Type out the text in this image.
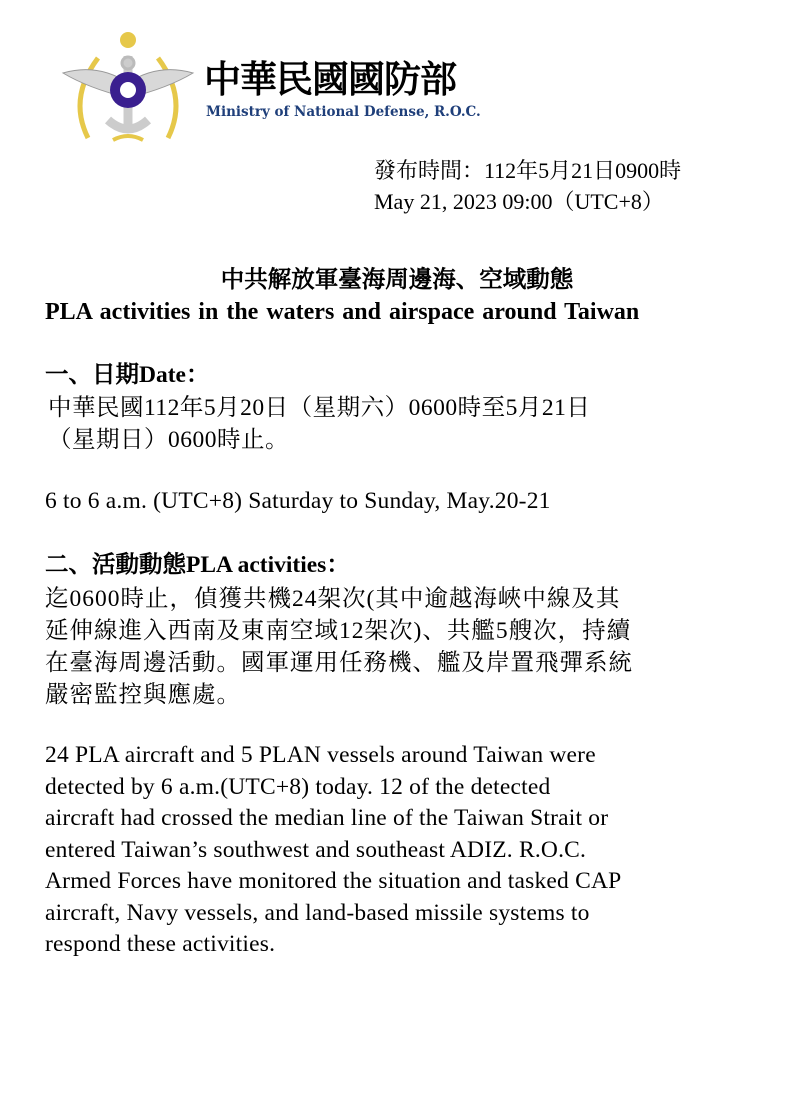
中華民國國防部
Ministry of National Defense, R.O.C.
發布時間：112年5月21日0900時
May 21, 2023 09:00（UTC+8）
中共解放軍臺海周邊海、空域動態
PLA activities in the waters and airspace around Taiwan
一、日期Date：
中華民國112年5月20日（星期六）0600時至5月21日
（星期日）0600時止。
6 to 6 a.m. (UTC+8) Saturday to Sunday, May.20-21
二、活動動態PLA activities：
迄0600時止，偵獲共機24架次(其中逾越海峽中線及其
延伸線進入西南及東南空域12架次)、共艦5艘次，持續
在臺海周邊活動。國軍運用任務機、艦及岸置飛彈系統
嚴密監控與應處。
24 PLA aircraft and 5 PLAN vessels around Taiwan were
detected by 6 a.m.(UTC+8) today. 12 of the detected
aircraft had crossed the median line of the Taiwan Strait or
entered Taiwan’s southwest and southeast ADIZ. R.O.C.
Armed Forces have monitored the situation and tasked CAP
aircraft, Navy vessels, and land-based missile systems to
respond these activities.
